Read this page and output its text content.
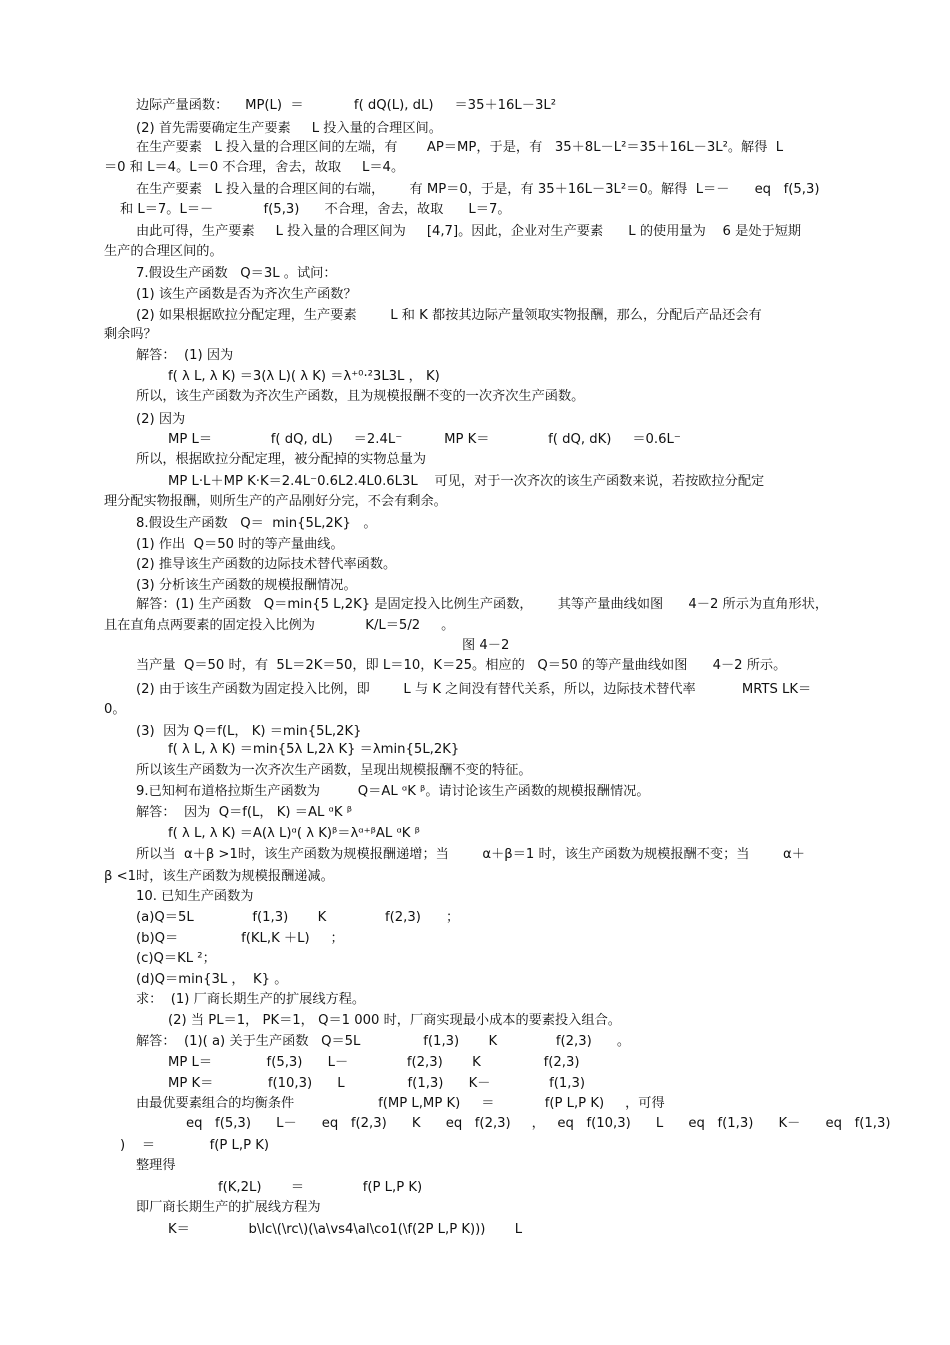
边际产量函数：    MP(L)  ＝            f( dQ(L), dL)     ＝35＋16L－3L²
(2) 首先需要确定生产要素     L 投入量的合理区间。
在生产要素   L 投入量的合理区间的左端，有       AP＝MP，于是，有   35＋8L－L²＝35＋16L－3L²。解得  L
＝0 和 L＝4。L＝0 不合理，舍去，故取     L＝4。
在生产要素   L 投入量的合理区间的右端，      有 MP＝0，于是，有 35＋16L－3L²＝0。解得  L＝－      eq   f(5,3)
和 L＝7。L＝－            f(5,3)      不合理，舍去，故取      L＝7。
由此可得，生产要素     L 投入量的合理区间为     [4,7]。因此，企业对生产要素      L 的使用量为    6 是处于短期
生产的合理区间的。
7.假设生产函数   Q＝3L 。试问：
(1) 该生产函数是否为齐次生产函数？
(2) 如果根据欧拉分配定理，生产要素        L 和 K 都按其边际产量领取实物报酬，那么，分配后产品还会有
剩余吗？
解答：  (1) 因为
f( λ L, λ K) ＝3(λ L)( λ K) ＝λ⁺⁰·²3L3L ， K)
所以，该生产函数为齐次生产函数，且为规模报酬不变的一次齐次生产函数。
(2) 因为
MP L＝              f( dQ, dL)     ＝2.4L⁻          MP K＝              f( dQ, dK)     ＝0.6L⁻
所以，根据欧拉分配定理，被分配掉的实物总量为
MP L·L＋MP K·K＝2.4L⁻0.6L2.4L0.6L3L    可见，对于一次齐次的该生产函数来说，若按欧拉分配定
理分配实物报酬，则所生产的产品刚好分完，不会有剩余。
8.假设生产函数   Q＝  min{5L,2K}   。
(1) 作出  Q＝50 时的等产量曲线。
(2) 推导该生产函数的边际技术替代率函数。
(3) 分析该生产函数的规模报酬情况。
解答：(1) 生产函数   Q＝min{5 L,2K} 是固定投入比例生产函数，      其等产量曲线如图      4－2 所示为直角形状，
且在直角点两要素的固定投入比例为            K/L＝5/2     。
图 4－2
当产量  Q＝50 时，有  5L＝2K＝50，即 L＝10，K＝25。相应的   Q＝50 的等产量曲线如图      4－2 所示。
(2) 由于该生产函数为固定投入比例，即        L 与 K 之间没有替代关系，所以，边际技术替代率           MRTS LK＝
0。
(3)  因为 Q＝f(L， K) ＝min{5L,2K}
f( λ L, λ K) ＝min{5λ L,2λ K} ＝λmin{5L,2K}
所以该生产函数为一次齐次生产函数，呈现出规模报酬不变的特征。
9.已知柯布道格拉斯生产函数为         Q＝AL ᵅK ᵝ。请讨论该生产函数的规模报酬情况。
解答：  因为  Q＝f(L， K) ＝AL ᵅK ᵝ
f( λ L, λ K) ＝A(λ L)ᵅ( λ K)ᵝ＝λᵅ⁺ᵝAL ᵅK ᵝ
所以当  α＋β >1时，该生产函数为规模报酬递增；当        α＋β＝1 时，该生产函数为规模报酬不变；当        α＋
β <1时，该生产函数为规模报酬递减。
10. 已知生产函数为
(a)Q＝5L              f(1,3)       K              f(2,3)      ；
(b)Q＝               f(KL,K ＋L)     ；
(c)Q＝KL ²；
(d)Q＝min{3L ，  K} 。
求：  (1) 厂商长期生产的扩展线方程。
(2) 当 PL＝1， PK＝1， Q＝1 000 时，厂商实现最小成本的要素投入组合。
解答：  (1)( a) 关于生产函数   Q＝5L               f(1,3)       K              f(2,3)      。
MP L＝             f(5,3)      L－              f(2,3)       K               f(2,3)
MP K＝             f(10,3)      L               f(1,3)      K－              f(1,3)
由最优要素组合的均衡条件                    f(MP L,MP K)     ＝            f(P L,P K)     ，可得
eq   f(5,3)      L－      eq   f(2,3)      K      eq   f(2,3)     ，   eq   f(10,3)      L      eq   f(1,3)      K－      eq   f(1,3)
)    ＝             f(P L,P K)
整理得
f(K,2L)       ＝              f(P L,P K)
即厂商长期生产的扩展线方程为
K＝              b\lc\(\rc\)(\a\vs4\al\co1(\f(2P L,P K)))       L
